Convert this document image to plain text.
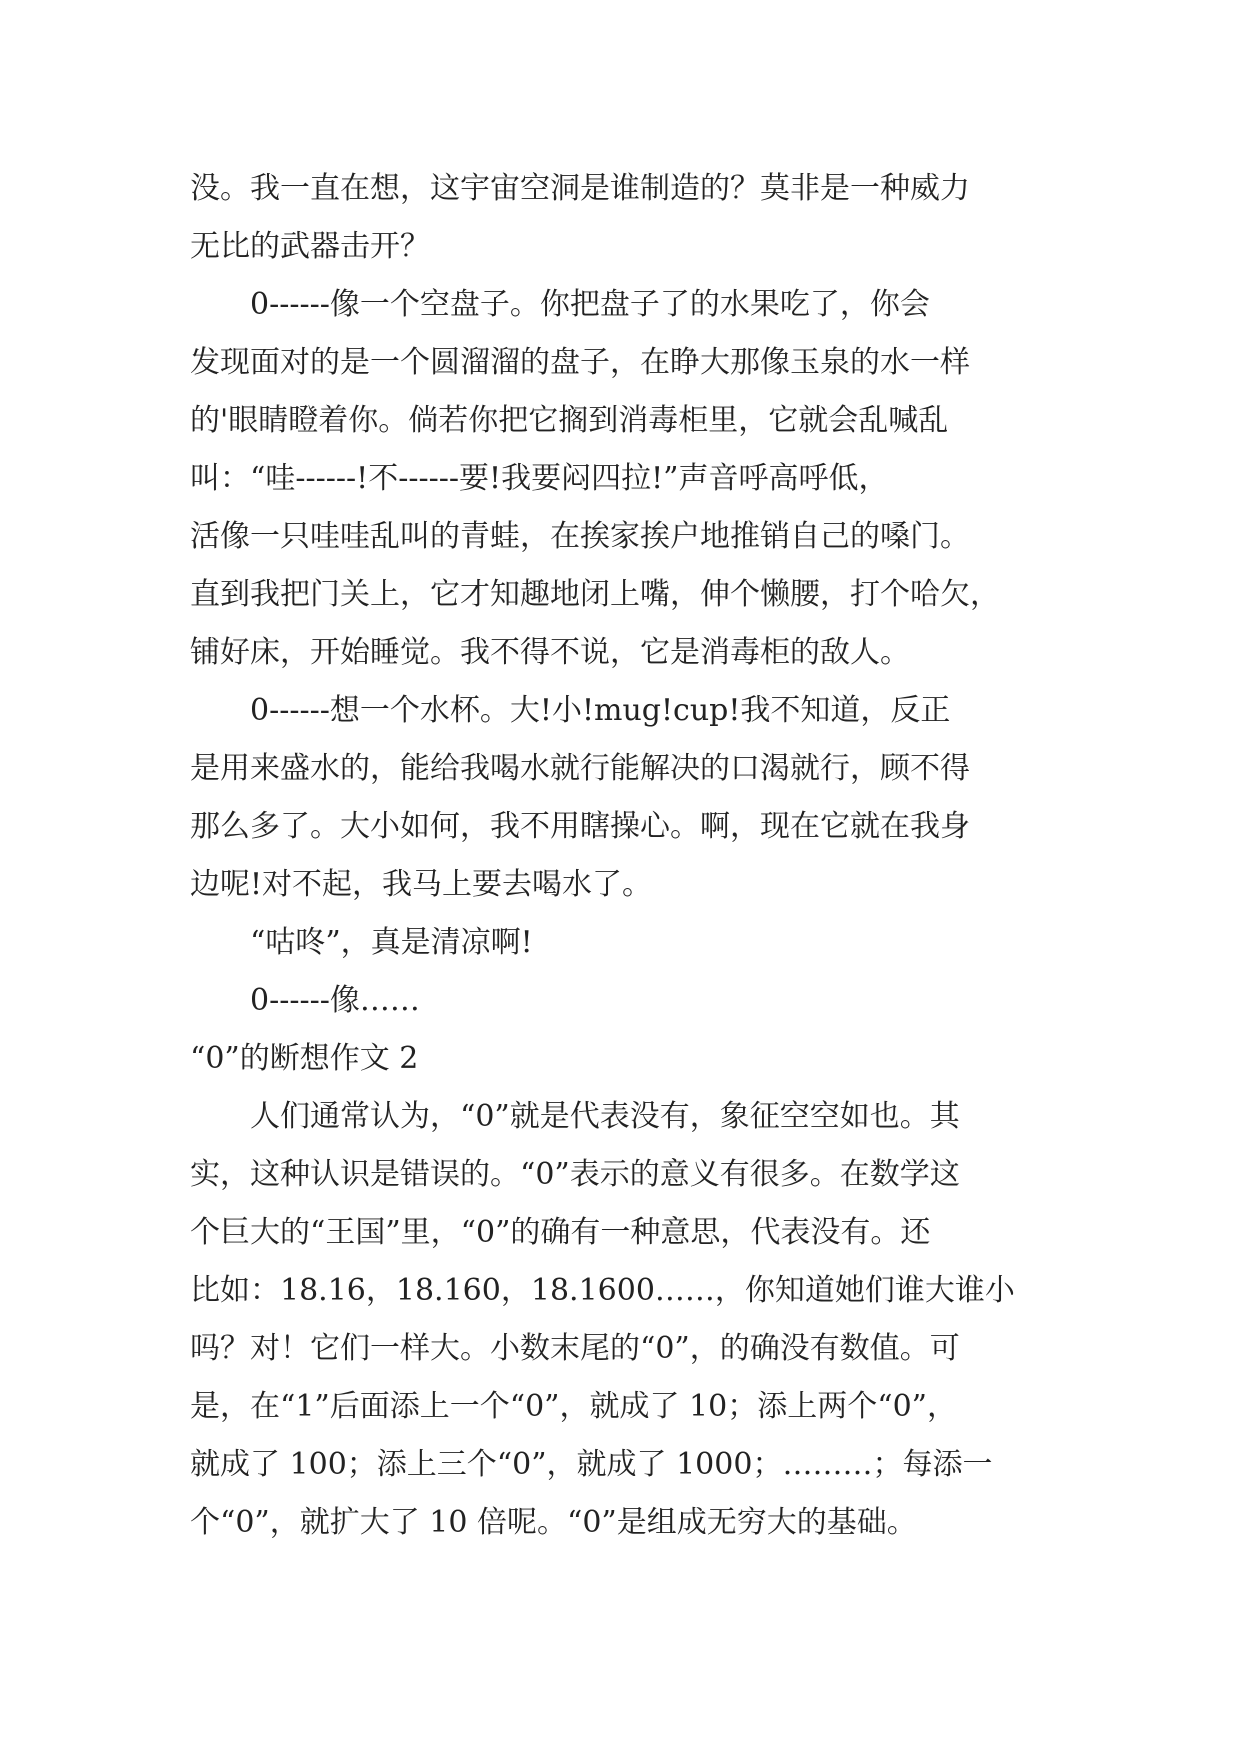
没。我一直在想，这宇宙空洞是谁制造的？莫非是一种威力
无比的武器击开？

0------像一个空盘子。你把盘子了的水果吃了，你会
发现面对的是一个圆溜溜的盘子，在睁大那像玉泉的水一样
的'眼睛瞪着你。倘若你把它搁到消毒柜里，它就会乱喊乱
叫：“哇------!不------要!我要闷四拉!”声音呼高呼低，
活像一只哇哇乱叫的青蛙，在挨家挨户地推销自己的嗓门。
直到我把门关上，它才知趣地闭上嘴，伸个懒腰，打个哈欠，
铺好床，开始睡觉。我不得不说，它是消毒柜的敌人。

0------想一个水杯。大!小!mug!cup!我不知道，反正
是用来盛水的，能给我喝水就行能解决的口渴就行，顾不得
那么多了。大小如何，我不用瞎操心。啊，现在它就在我身
边呢!对不起，我马上要去喝水了。

“咕咚”，真是清凉啊!

0------像……

“0”的断想作文 2

人们通常认为，“0”就是代表没有，象征空空如也。其
实，这种认识是错误的。“0”表示的意义有很多。在数学这
个巨大的“王国”里，“0”的确有一种意思，代表没有。还
比如：18.16，18.160，18.1600……，你知道她们谁大谁小
吗？对！它们一样大。小数末尾的“0”，的确没有数值。可
是，在“1”后面添上一个“0”，就成了 10；添上两个“0”，
就成了 100；添上三个“0”，就成了 1000；………；每添一
个“0”，就扩大了 10 倍呢。“0”是组成无穷大的基础。
